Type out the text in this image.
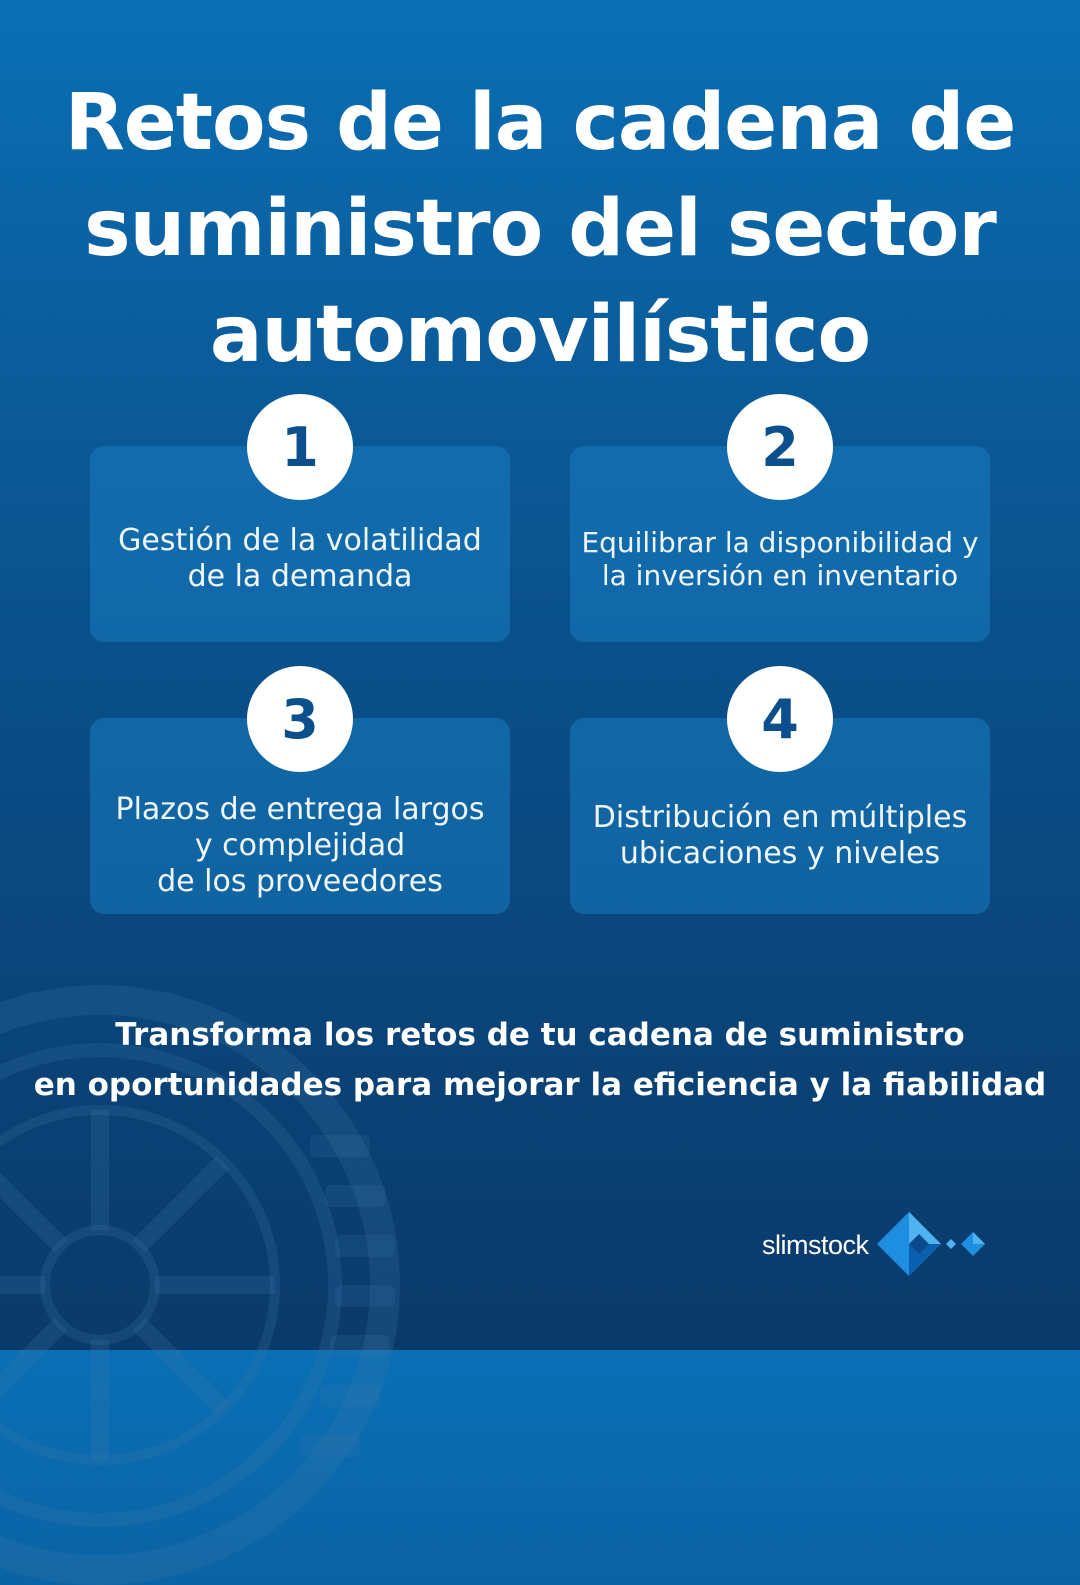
Retos de la cadena de
suministro del sector
automovilístico
Gestión de la volatilidad
de la demanda
1
Equilibrar la disponibilidad y
la inversión en inventario
2
Plazos de entrega largos
y complejidad
de los proveedores
3
Distribución en múltiples
ubicaciones y niveles
4
Transforma los retos de tu cadena de suministro
en oportunidades para mejorar la eficiencia y la fiabilidad
slimstock
